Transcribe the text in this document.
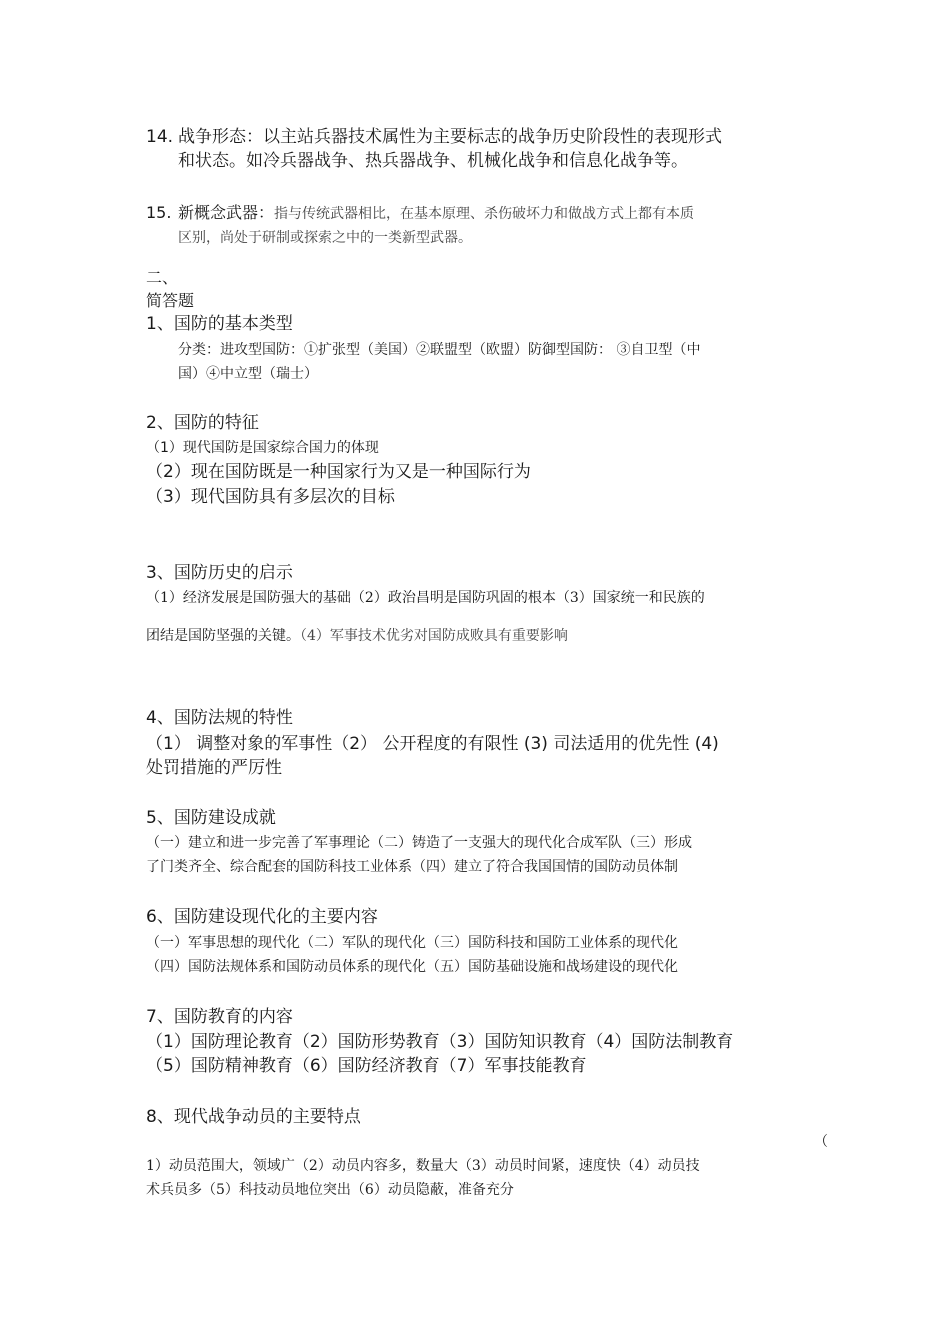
14. 战争形态：以主站兵器技术属性为主要标志的战争历史阶段性的表现形式
和状态。如冷兵器战争、热兵器战争、机械化战争和信息化战争等。
15. 新概念武器：指与传统武器相比，在基本原理、杀伤破坏力和做战方式上都有本质
区别，尚处于研制或探索之中的一类新型武器。
二、
简答题
1、国防的基本类型
分类：进攻型国防：①扩张型（美国）②联盟型（欧盟）防御型国防： ③自卫型（中
国）④中立型（瑞士）
2、国防的特征
（1）现代国防是国家综合国力的体现
（2）现在国防既是一种国家行为又是一种国际行为
（3）现代国防具有多层次的目标
3、国防历史的启示
（1）经济发展是国防强大的基础（2）政治昌明是国防巩固的根本（3）国家统一和民族的
团结是国防坚强的关键。（4）军事技术优劣对国防成败具有重要影响
4、国防法规的特性
（1） 调整对象的军事性（2） 公开程度的有限性 (3) 司法适用的优先性 (4)
处罚措施的严厉性
5、国防建设成就
（一）建立和进一步完善了军事理论（二）铸造了一支强大的现代化合成军队（三）形成
了门类齐全、综合配套的国防科技工业体系（四）建立了符合我国国情的国防动员体制
6、国防建设现代化的主要内容
（一）军事思想的现代化（二）军队的现代化（三）国防科技和国防工业体系的现代化
（四）国防法规体系和国防动员体系的现代化（五）国防基础设施和战场建设的现代化
7、国防教育的内容
（1）国防理论教育（2）国防形势教育（3）国防知识教育（4）国防法制教育
（5）国防精神教育（6）国防经济教育（7）军事技能教育
8、现代战争动员的主要特点
（
1）动员范围大，领域广（2）动员内容多，数量大（3）动员时间紧，速度快（4）动员技
术兵员多（5）科技动员地位突出（6）动员隐蔽，准备充分
